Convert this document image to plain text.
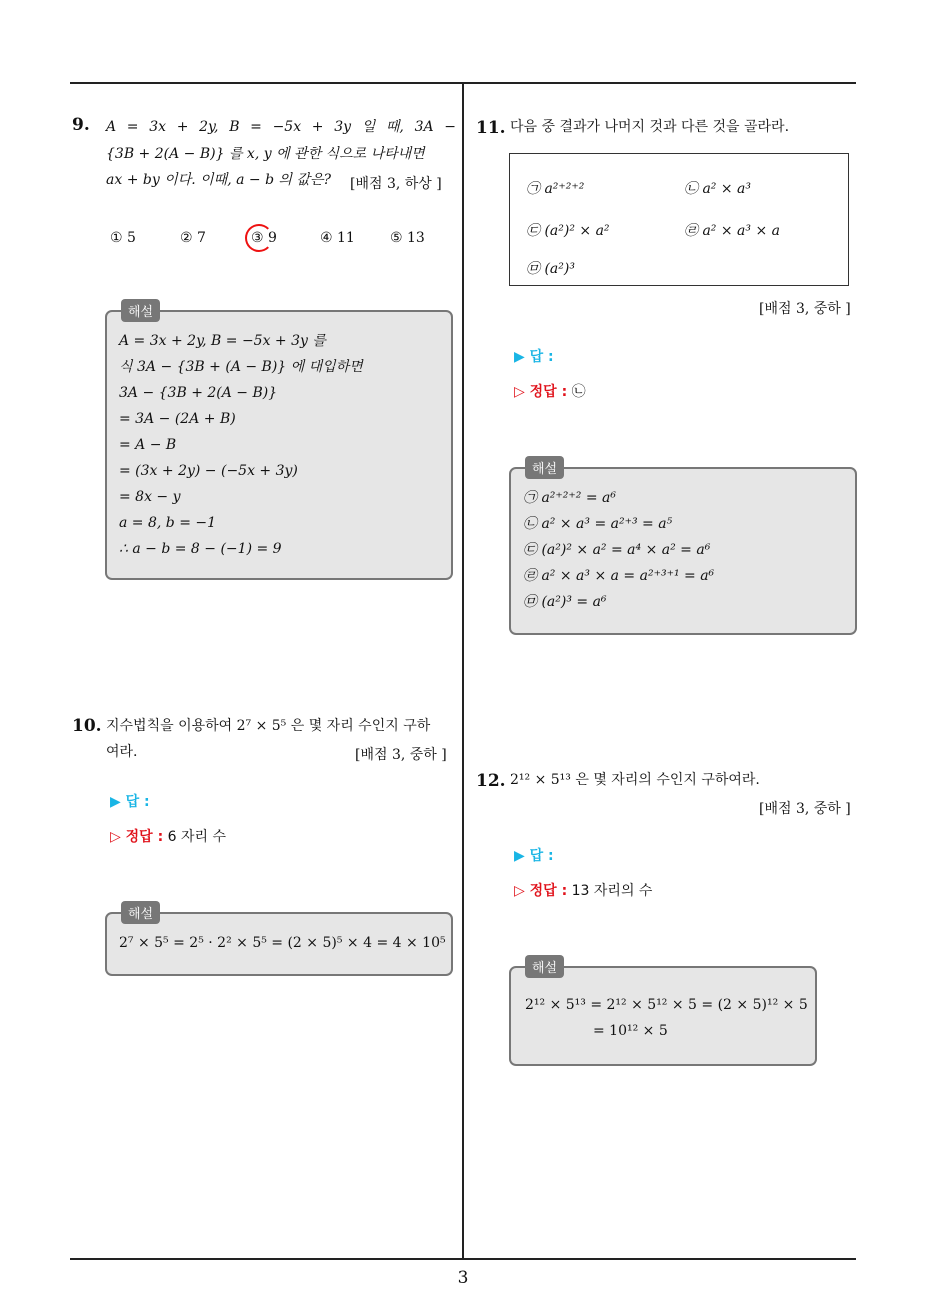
3
9. A = 3x + 2y, B = −5x + 3y 일 때, 3A −
{3B + 2(A − B)} 를 x, y 에 관한 식으로 나타내면
ax + by 이다. 이때, a − b 의 값은? [배점 3, 하상 ]
① 5	② 7	③ 9	④ 11	⑤ 13
해설
A = 3x + 2y, B = −5x + 3y 를
식 3A − {3B + (A − B)} 에 대입하면
3A − {3B + 2(A − B)}
= 3A − (2A + B)
= A − B
= (3x + 2y) − (−5x + 3y)
= 8x − y
a = 8, b = −1
∴ a − b = 8 − (−1) = 9
10. 지수법칙을 이용하여 2⁷ × 5⁵ 은 몇 자리 수인지 구하
여라.	[배점 3, 중하 ]
▶ 답 :
▷ 정답 : 6 자리 수
해설
2⁷ × 5⁵ = 2⁵ · 2² × 5⁵ = (2 × 5)⁵ × 4 = 4 × 10⁵
11. 다음 중 결과가 나머지 것과 다른 것을 골라라.
㉠ a²⁺²⁺²	㉡ a² × a³
㉢ (a²)² × a²	㉣ a² × a³ × a
㉤ (a²)³
[배점 3, 중하 ]
▶ 답 :
▷ 정답 : ㉡
해설
㉠ a²⁺²⁺² = a⁶
㉡ a² × a³ = a²⁺³ = a⁵
㉢ (a²)² × a² = a⁴ × a² = a⁶
㉣ a² × a³ × a = a²⁺³⁺¹ = a⁶
㉤ (a²)³ = a⁶
12. 2¹² × 5¹³ 은 몇 자리의 수인지 구하여라.
[배점 3, 중하 ]
▶ 답 :
▷ 정답 : 13 자리의 수
해설
2¹² × 5¹³ = 2¹² × 5¹² × 5 = (2 × 5)¹² × 5
= 10¹² × 5
